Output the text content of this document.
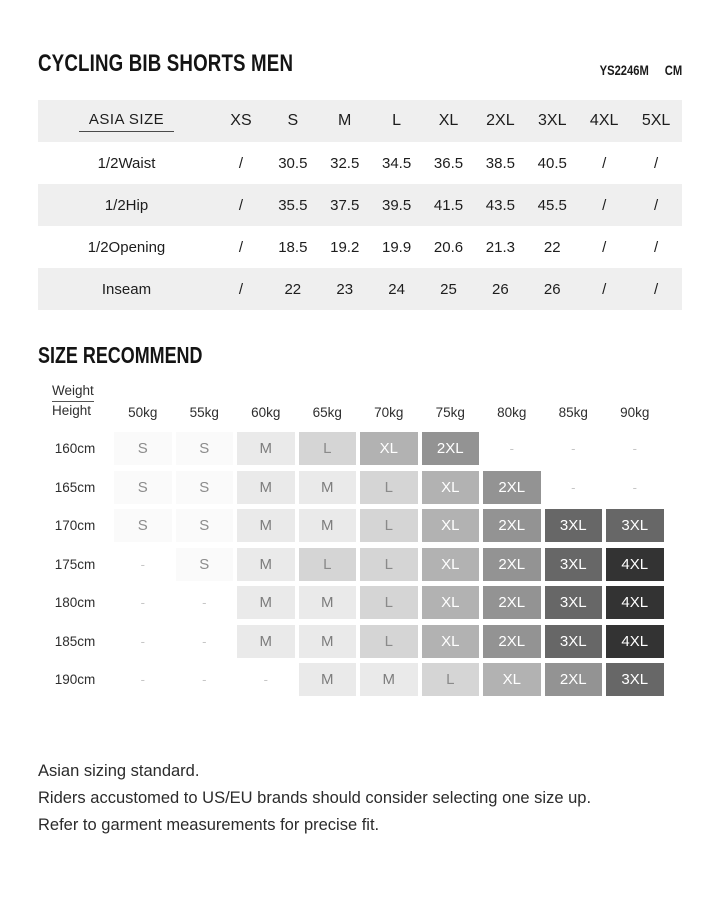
CYCLING BIB SHORTS MEN	YS2246M CM
ASIA SIZE	XS	S	M	L	XL	2XL	3XL	4XL	5XL
1/2Waist	/	30.5	32.5	34.5	36.5	38.5	40.5	/	/
1/2Hip	/	35.5	37.5	39.5	41.5	43.5	45.5	/	/
1/2Opening	/	18.5	19.2	19.9	20.6	21.3	22	/	/
Inseam	/	22	23	24	25	26	26	/	/
SIZE RECOMMEND
Weight
Height	50kg	55kg	60kg	65kg	70kg	75kg	80kg	85kg	90kg
160cm	S	S	M	L	XL	2XL	-	-	-
165cm	S	S	M	M	L	XL	2XL	-	-
170cm	S	S	M	M	L	XL	2XL	3XL	3XL
175cm	-	S	M	L	L	XL	2XL	3XL	4XL
180cm	-	-	M	M	L	XL	2XL	3XL	4XL
185cm	-	-	M	M	L	XL	2XL	3XL	4XL
190cm	-	-	-	M	M	L	XL	2XL	3XL
Asian sizing standard.
Riders accustomed to US/EU brands should consider selecting one size up.
Refer to garment measurements for precise fit.
